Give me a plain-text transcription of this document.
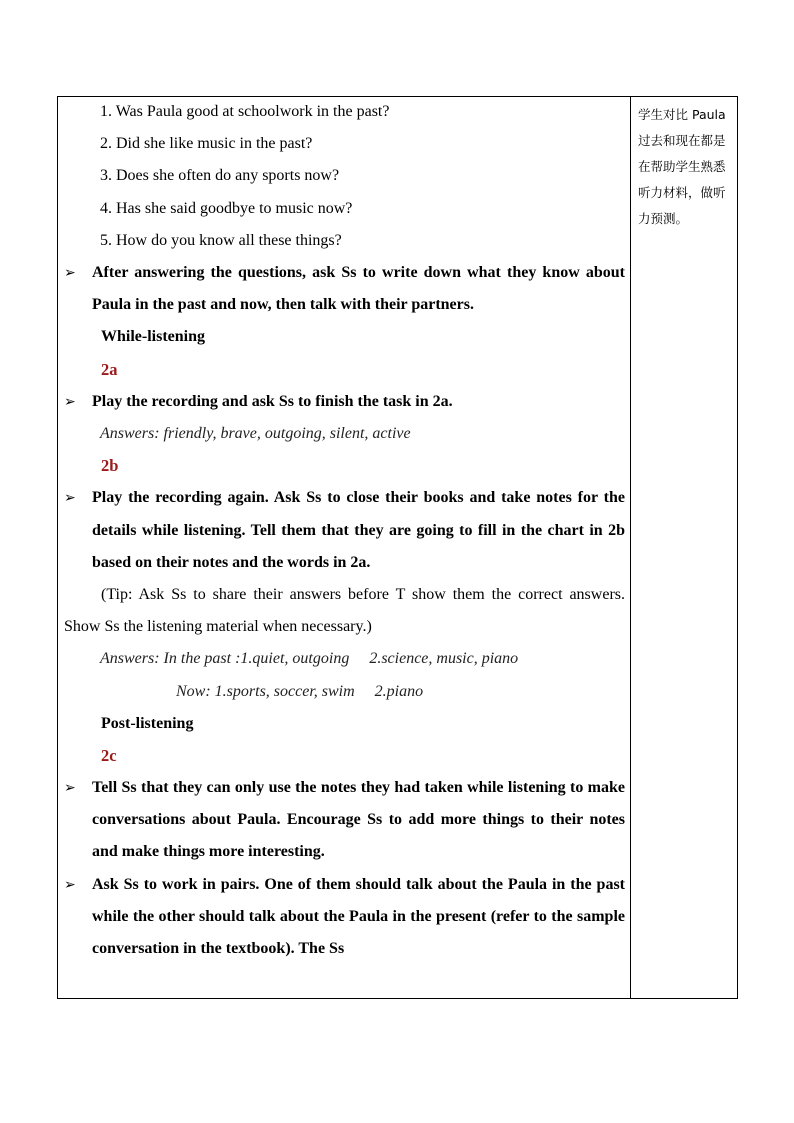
1. Was Paula good at schoolwork in the past?
2. Did she like music in the past?
3. Does she often do any sports now?
4. Has she said goodbye to music now?
5. How do you know all these things?
➢ After answering the questions, ask Ss to write down what they know about Paula in the past and now, then talk with their partners.
While-listening
2a
➢ Play the recording and ask Ss to finish the task in 2a.
Answers: friendly, brave, outgoing, silent, active
2b
➢ Play the recording again. Ask Ss to close their books and take notes for the details while listening. Tell them that they are going to fill in the chart in 2b based on their notes and the words in 2a.
(Tip: Ask Ss to share their answers before T show them the correct answers. Show Ss the listening material when necessary.)
Answers: In the past :1.quiet, outgoing     2.science, music, piano
Now: 1.sports, soccer, swim     2.piano
Post-listening
2c
➢ Tell Ss that they can only use the notes they had taken while listening to make conversations about Paula. Encourage Ss to add more things to their notes and make things more interesting.
➢ Ask Ss to work in pairs. One of them should talk about the Paula in the past while the other should talk about the Paula in the present (refer to the sample conversation in the textbook). The Ss
学生对比 Paula 过去和现在都是在帮助学生熟悉听力材料，做听力预测。
